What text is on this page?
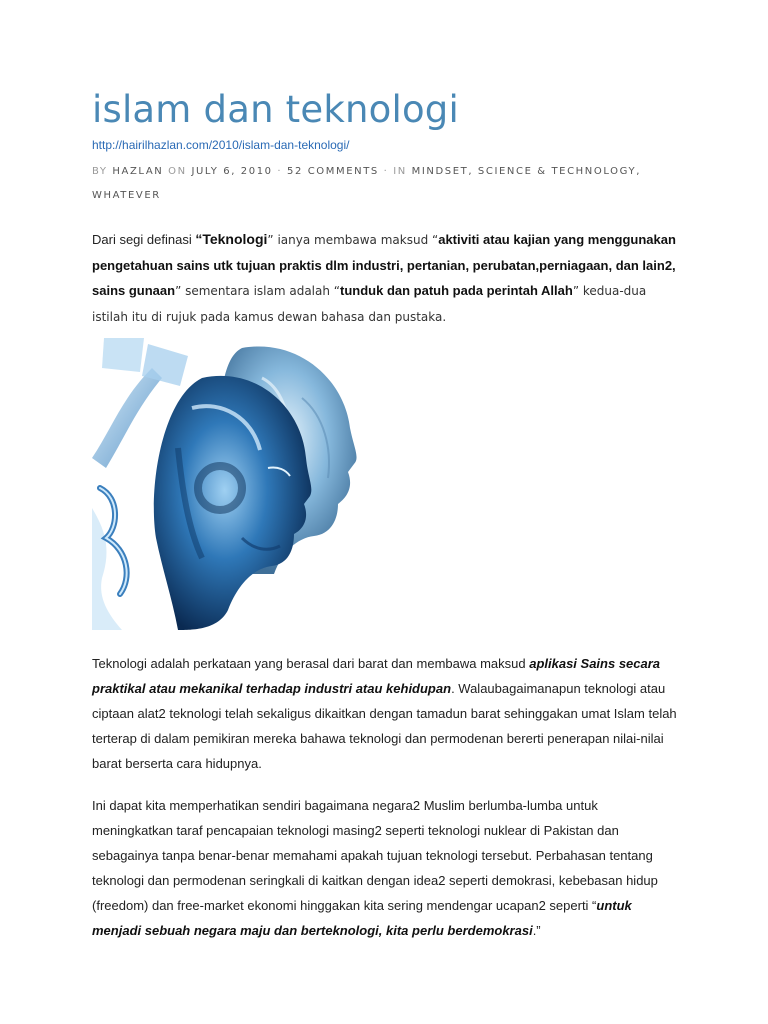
islam dan teknologi
http://hairilhazlan.com/2010/islam-dan-teknologi/
BY HAZLAN ON JULY 6, 2010 · 52 COMMENTS · IN MINDSET, SCIENCE & TECHNOLOGY, WHATEVER

Dari segi definasi “Teknologi” ianya membawa maksud “aktiviti atau kajian yang menggunakan pengetahuan sains utk tujuan praktis dlm industri, pertanian, perubatan,perniagaan, dan lain2, sains gunaan” sementara islam adalah “tunduk dan patuh pada perintah Allah” kedua-dua istilah itu di rujuk pada kamus dewan bahasa dan pustaka.

Teknologi adalah perkataan yang berasal dari barat dan membawa maksud aplikasi Sains secara praktikal atau mekanikal terhadap industri atau kehidupan. Walaubagaimanapun teknologi atau ciptaan alat2 teknologi telah sekaligus dikaitkan dengan tamadun barat sehinggakan umat Islam telah terterap di dalam pemikiran mereka bahawa teknologi dan permodenan bererti penerapan nilai-nilai barat berserta cara hidupnya.

Ini dapat kita memperhatikan sendiri bagaimana negara2 Muslim berlumba-lumba untuk meningkatkan taraf pencapaian teknologi masing2 seperti teknologi nuklear di Pakistan dan sebagainya tanpa benar-benar memahami apakah tujuan teknologi tersebut. Perbahasan tentang teknologi dan permodenan seringkali di kaitkan dengan idea2 seperti demokrasi, kebebasan hidup (freedom) dan free-market ekonomi hinggakan kita sering mendengar ucapan2 seperti “untuk menjadi sebuah negara maju dan berteknologi, kita perlu berdemokrasi.”
